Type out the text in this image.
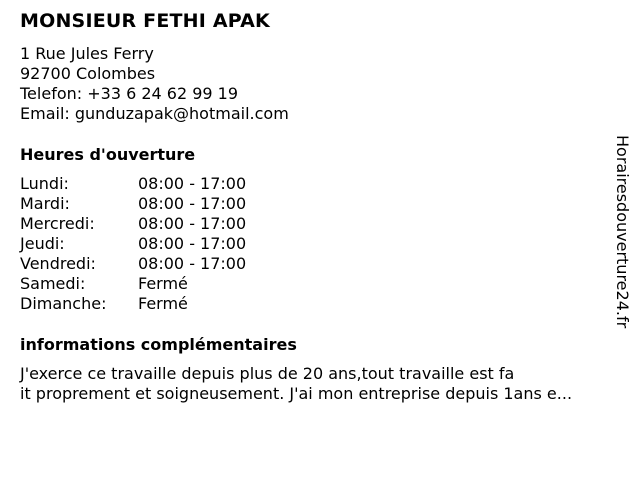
MONSIEUR FETHI APAK
1 Rue Jules Ferry
92700 Colombes
Telefon: +33 6 24 62 99 19
Email: gunduzapak@hotmail.com
Heures d'ouverture
Lundi:	08:00 - 17:00
Mardi:	08:00 - 17:00
Mercredi:	08:00 - 17:00
Jeudi:	08:00 - 17:00
Vendredi:	08:00 - 17:00
Samedi:	Fermé
Dimanche: Fermé
informations complémentaires
J'exerce ce travaille depuis plus de 20 ans,tout travaille est fa
it proprement et soigneusement. J'ai mon entreprise depuis 1ans e...
Horairesdouverture24.fr
